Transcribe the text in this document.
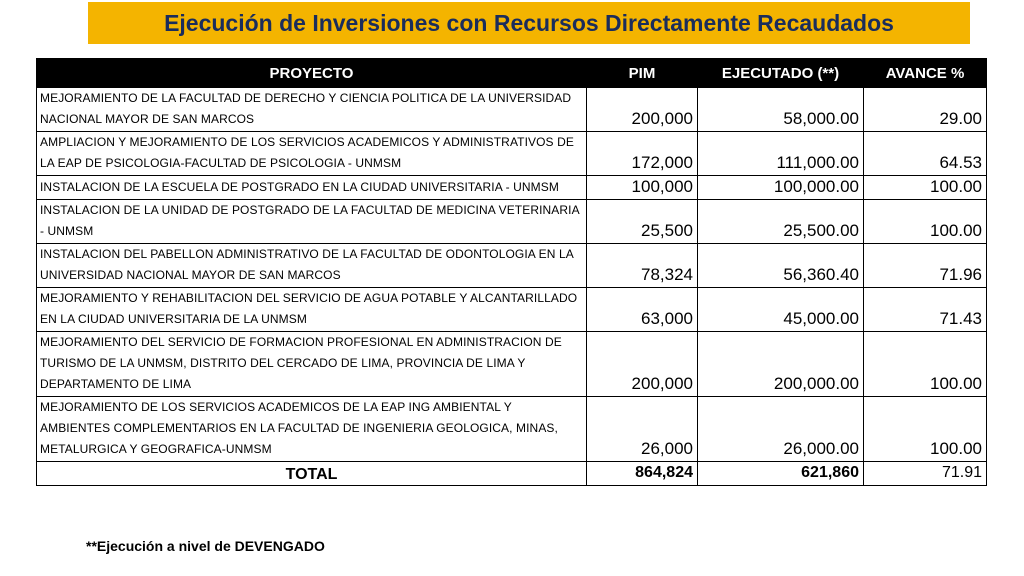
Ejecución de Inversiones con Recursos Directamente Recaudados
PROYECTO	PIM	EJECUTADO (**)	AVANCE %
MEJORAMIENTO DE LA FACULTAD DE DERECHO Y CIENCIA POLITICA DE LA UNIVERSIDAD NACIONAL MAYOR DE SAN MARCOS	200,000	58,000.00	29.00
AMPLIACION Y MEJORAMIENTO DE LOS SERVICIOS ACADEMICOS Y ADMINISTRATIVOS DE LA EAP DE PSICOLOGIA-FACULTAD DE PSICOLOGIA - UNMSM	172,000	111,000.00	64.53
INSTALACION DE LA ESCUELA DE POSTGRADO EN LA CIUDAD UNIVERSITARIA - UNMSM	100,000	100,000.00	100.00
INSTALACION DE LA UNIDAD DE POSTGRADO DE LA FACULTAD DE MEDICINA VETERINARIA - UNMSM	25,500	25,500.00	100.00
INSTALACION DEL PABELLON ADMINISTRATIVO DE LA FACULTAD DE ODONTOLOGIA EN LA UNIVERSIDAD NACIONAL MAYOR DE SAN MARCOS	78,324	56,360.40	71.96
MEJORAMIENTO Y REHABILITACION DEL SERVICIO DE AGUA POTABLE Y ALCANTARILLADO EN LA CIUDAD UNIVERSITARIA DE LA UNMSM	63,000	45,000.00	71.43
MEJORAMIENTO DEL SERVICIO DE FORMACION PROFESIONAL EN ADMINISTRACION DE TURISMO DE LA UNMSM, DISTRITO DEL CERCADO DE LIMA, PROVINCIA DE LIMA Y DEPARTAMENTO DE LIMA	200,000	200,000.00	100.00
MEJORAMIENTO DE LOS SERVICIOS ACADEMICOS DE LA EAP ING AMBIENTAL Y AMBIENTES COMPLEMENTARIOS EN LA FACULTAD DE INGENIERIA GEOLOGICA, MINAS, METALURGICA Y GEOGRAFICA-UNMSM	26,000	26,000.00	100.00
TOTAL	864,824	621,860	71.91
**Ejecución a nivel de DEVENGADO
